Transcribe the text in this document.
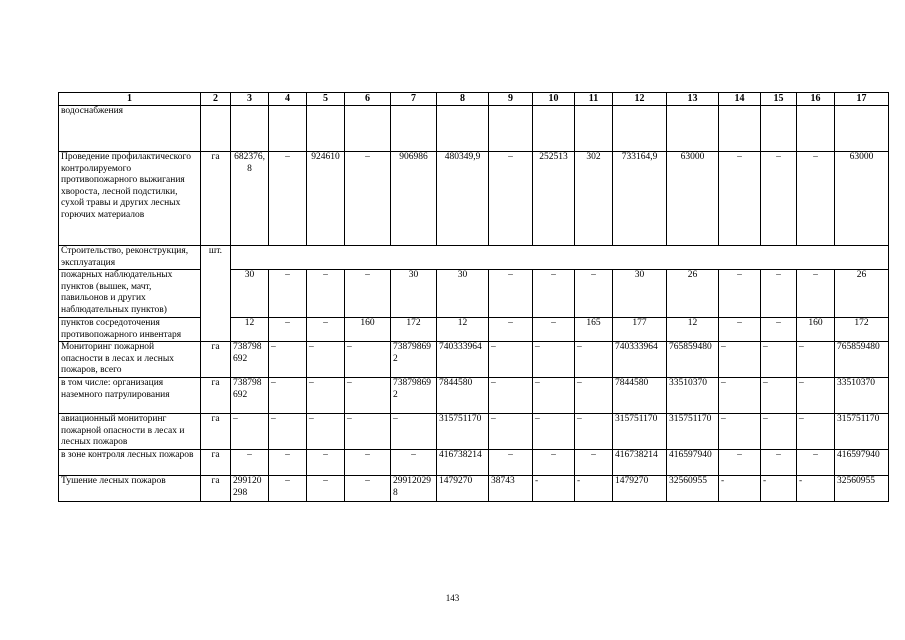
1	2	3	4	5	6	7	8	9	10	11	12	13	14	15	16	17
водоснабжения																
Проведение профилактического контролируемого противопожарного выжигания хвороста, лесной подстилки, сухой травы и других лесных горючих материалов	га	682376,8	–	924610	–	906986	480349,9	–	252513	302	733164,9	63000	–	–	–	63000
Строительство, реконструкция, эксплуатация	шт.															
пожарных наблюдательных пунктов (вышек, мачт, павильонов и других наблюдательных пунктов)		30	–	–	–	30	30	–	–	–	30	26	–	–	–	26
пунктов сосредоточения противопожарного инвентаря		12	–	–	160	172	12	–	–	165	177	12	–	–	160	172
Мониторинг пожарной опасности в лесах и лесных пожаров, всего	га	738798692	–	–	–	738798692	740333964	–	–	–	740333964	765859480	–	–	–	765859480
в том числе: организация наземного патрулирования	га	738798692	–	–	–	738798692	7844580	–	–	–	7844580	33510370	–	–	–	33510370
авиационный мониторинг пожарной опасности в лесах и лесных пожаров	га	–	–	–	–	–	315751170	–	–	–	315751170	315751170	–	–	–	315751170
в зоне контроля лесных пожаров	га	–	–	–	–	–	416738214	–	–	–	416738214	416597940	–	–	–	416597940
Тушение лесных пожаров	га	299120298	–	–	–	299120298	1479270	38743	-	-	1479270	32560955	-	-	-	32560955
143
